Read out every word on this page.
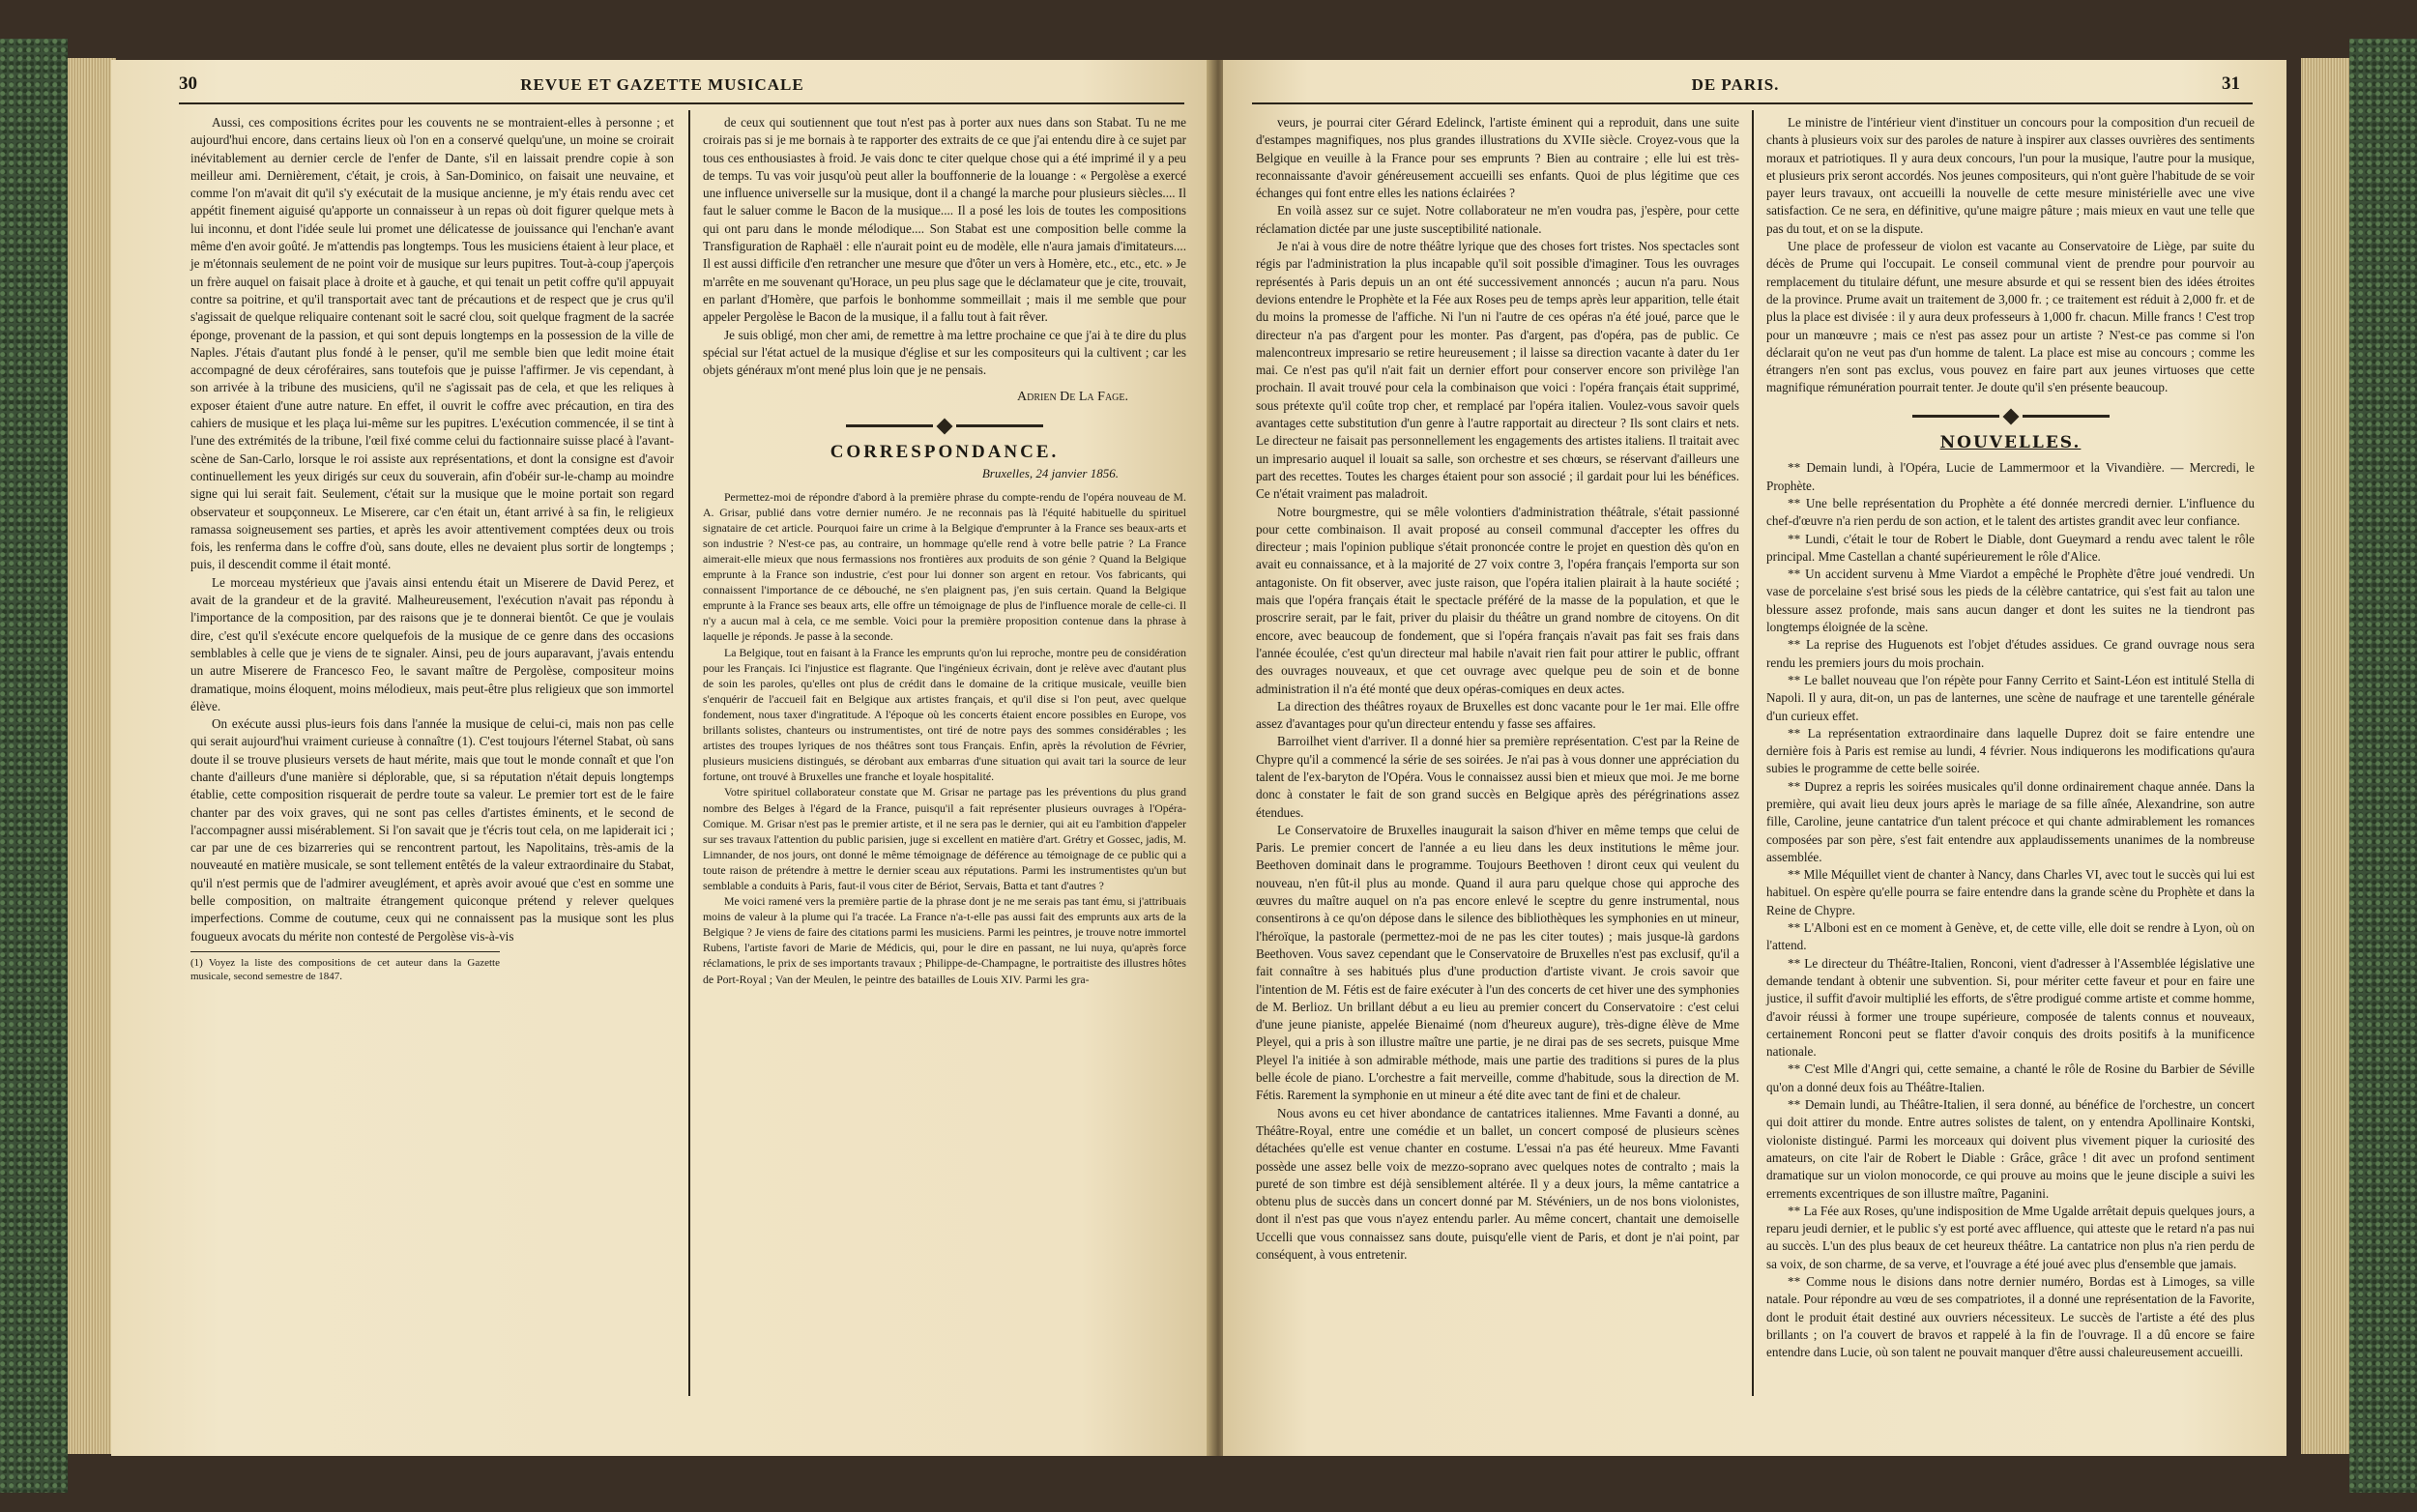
30	REVUE ET GAZETTE MUSICALE

Aussi, ces compositions écrites pour les couvents ne se montraient-elles à personne ; et aujourd'hui encore, dans certains lieux où l'on en a conservé quelqu'une, un moine se croirait inévitablement au dernier cercle de l'enfer de Dante, s'il en laissait prendre copie à son meilleur ami. Dernièrement, c'était, je crois, à San-Dominico, on faisait une neuvaine, et comme l'on m'avait dit qu'il s'y exécutait de la musique ancienne, je m'y étais rendu avec cet appétit finement aiguisé qu'apporte un connaisseur à un repas où doit figurer quelque mets à lui inconnu, et dont l'idée seule lui promet une délicatesse de jouissance qui l'enchan'e avant même d'en avoir goûté. Je m'attendis pas longtemps. Tous les musiciens étaient à leur place, et je m'étonnais seulement de ne point voir de musique sur leurs pupitres. Tout-à-coup j'aperçois un frère auquel on faisait place à droite et à gauche, et qui tenait un petit coffre qu'il appuyait contre sa poitrine, et qu'il transportait avec tant de précautions et de respect que je crus qu'il s'agissait de quelque reliquaire contenant soit le sacré clou, soit quelque fragment de la sacrée éponge, provenant de la passion, et qui sont depuis longtemps en la possession de la ville de Naples. J'étais d'autant plus fondé à le penser, qu'il me semble bien que ledit moine était accompagné de deux céroféraires, sans toutefois que je puisse l'affirmer. Je vis cependant, à son arrivée à la tribune des musiciens, qu'il ne s'agissait pas de cela, et que les reliques à exposer étaient d'une autre nature. En effet, il ouvrit le coffre avec précaution, en tira des cahiers de musique et les plaça lui-même sur les pupitres. L'exécution commencée, il se tint à l'une des extrémités de la tribune, l'œil fixé comme celui du factionnaire suisse placé à l'avant-scène de San-Carlo, lorsque le roi assiste aux représentations, et dont la consigne est d'avoir continuellement les yeux dirigés sur ceux du souverain, afin d'obéir sur-le-champ au moindre signe qui lui serait fait. Seulement, c'était sur la musique que le moine portait son regard observateur et soupçonneux. Le Miserere, car c'en était un, étant arrivé à sa fin, le religieux ramassa soigneusement ses parties, et après les avoir attentivement comptées deux ou trois fois, les renferma dans le coffre d'où, sans doute, elles ne devaient plus sortir de longtemps ; puis, il descendit comme il était monté.

Le morceau mystérieux que j'avais ainsi entendu était un Miserere de David Perez, et avait de la grandeur et de la gravité. Malheureusement, l'exécution n'avait pas répondu à l'importance de la composition, par des raisons que je te donnerai bientôt. Ce que je voulais dire, c'est qu'il s'exécute encore quelquefois de la musique de ce genre dans des occasions semblables à celle que je viens de te signaler. Ainsi, peu de jours auparavant, j'avais entendu un autre Miserere de Francesco Feo, le savant maître de Pergolèse, compositeur moins dramatique, moins éloquent, moins mélodieux, mais peut-être plus religieux que son immortel élève.

On exécute aussi plus-ieurs fois dans l'année la musique de celui-ci, mais non pas celle qui serait aujourd'hui vraiment curieuse à connaître (1). C'est toujours l'éternel Stabat, où sans doute il se trouve plusieurs versets de haut mérite, mais que tout le monde connaît et que l'on chante d'ailleurs d'une manière si déplorable, que, si sa réputation n'était depuis longtemps établie, cette composition risquerait de perdre toute sa valeur. Le premier tort est de le faire chanter par des voix graves, qui ne sont pas celles d'artistes éminents, et le second de l'accompagner aussi misérablement. Si l'on savait que je t'écris tout cela, on me lapiderait ici ; car par une de ces bizarreries qui se rencontrent partout, les Napolitains, très-amis de la nouveauté en matière musicale, se sont tellement entêtés de la valeur extraordinaire du Stabat, qu'il n'est permis que de l'admirer aveuglément, et après avoir avoué que c'est en somme une belle composition, on maltraite étrangement quiconque prétend y relever quelques imperfections. Comme de coutume, ceux qui ne connaissent pas la musique sont les plus fougueux avocats du mérite non contesté de Pergolèse vis-à-vis

(1) Voyez la liste des compositions de cet auteur dans la Gazette musicale, second semestre de 1847.

de ceux qui soutiennent que tout n'est pas à porter aux nues dans son Stabat. Tu ne me croirais pas si je me bornais à te rapporter des extraits de ce que j'ai entendu dire à ce sujet par tous ces enthousiastes à froid. Je vais donc te citer quelque chose qui a été imprimé il y a peu de temps. Tu vas voir jusqu'où peut aller la bouffonnerie de la louange : « Pergolèse a exercé une influence universelle sur la musique, dont il a changé la marche pour plusieurs siècles.... Il faut le saluer comme le Bacon de la musique.... Il a posé les lois de toutes les compositions qui ont paru dans le monde mélodique.... Son Stabat est une composition belle comme la Transfiguration de Raphaël : elle n'aurait point eu de modèle, elle n'aura jamais d'imitateurs.... Il est aussi difficile d'en retrancher une mesure que d'ôter un vers à Homère, etc., etc., etc. » Je m'arrête en me souvenant qu'Horace, un peu plus sage que le déclamateur que je cite, trouvait, en parlant d'Homère, que parfois le bonhomme sommeillait ; mais il me semble que pour appeler Pergolèse le Bacon de la musique, il a fallu tout à fait rêver.

Je suis obligé, mon cher ami, de remettre à ma lettre prochaine ce que j'ai à te dire du plus spécial sur l'état actuel de la musique d'église et sur les compositeurs qui la cultivent ; car les objets généraux m'ont mené plus loin que je ne pensais.

Adrien De La Fage.
CORRESPONDANCE.
Bruxelles, 24 janvier 1856.

Permettez-moi de répondre d'abord à la première phrase du compte-rendu de l'opéra nouveau de M. A. Grisar, publié dans votre dernier numéro. Je ne reconnais pas là l'équité habituelle du spirituel signataire de cet article. Pourquoi faire un crime à la Belgique d'emprunter à la France ses beaux-arts et son industrie ? N'est-ce pas, au contraire, un hommage qu'elle rend à votre belle patrie ? La France aimerait-elle mieux que nous fermassions nos frontières aux produits de son génie ? Quand la Belgique emprunte à la France son industrie, c'est pour lui donner son argent en retour. Vos fabricants, qui connaissent l'importance de ce débouché, ne s'en plaignent pas, j'en suis certain. Quand la Belgique emprunte à la France ses beaux arts, elle offre un témoignage de plus de l'influence morale de celle-ci. Il n'y a aucun mal à cela, ce me semble. Voici pour la première proposition contenue dans la phrase à laquelle je réponds. Je passe à la seconde.

La Belgique, tout en faisant à la France les emprunts qu'on lui reproche, montre peu de considération pour les Français. Ici l'injustice est flagrante. Que l'ingénieux écrivain, dont je relève avec d'autant plus de soin les paroles, qu'elles ont plus de crédit dans le domaine de la critique musicale, veuille bien s'enquérir de l'accueil fait en Belgique aux artistes français, et qu'il dise si l'on peut, avec quelque fondement, nous taxer d'ingratitude. A l'époque où les concerts étaient encore possibles en Europe, vos brillants solistes, chanteurs ou instrumentistes, ont tiré de notre pays des sommes considérables ; les artistes des troupes lyriques de nos théâtres sont tous Français. Enfin, après la révolution de Février, plusieurs musiciens distingués, se dérobant aux embarras d'une situation qui avait tari la source de leur fortune, ont trouvé à Bruxelles une franche et loyale hospitalité.

Votre spirituel collaborateur constate que M. Grisar ne partage pas les préventions du plus grand nombre des Belges à l'égard de la France, puisqu'il a fait représenter plusieurs ouvrages à l'Opéra-Comique. M. Grisar n'est pas le premier artiste, et il ne sera pas le dernier, qui ait eu l'ambition d'appeler sur ses travaux l'attention du public parisien, juge si excellent en matière d'art. Grétry et Gossec, jadis, M. Limnander, de nos jours, ont donné le même témoignage de déférence au témoignage de ce public qui a toute raison de prétendre à mettre le dernier sceau aux réputations. Parmi les instrumentistes qu'un but semblable a conduits à Paris, faut-il vous citer de Bériot, Servais, Batta et tant d'autres ?

Me voici ramené vers la première partie de la phrase dont je ne me serais pas tant ému, si j'attribuais moins de valeur à la plume qui l'a tracée. La France n'a-t-elle pas aussi fait des emprunts aux arts de la Belgique ? Je viens de faire des citations parmi les musiciens. Parmi les peintres, je trouve notre immortel Rubens, l'artiste favori de Marie de Médicis, qui, pour le dire en passant, ne lui nuya, qu'après force réclamations, le prix de ses importants travaux ; Philippe-de-Champagne, le portraitiste des illustres hôtes de Port-Royal ; Van der Meulen, le peintre des batailles de Louis XIV. Parmi les gra-

DE PARIS.	31

veurs, je pourrai citer Gérard Edelinck, l'artiste éminent qui a reproduit, dans une suite d'estampes magnifiques, nos plus grandes illustrations du XVIIe siècle. Croyez-vous que la Belgique en veuille à la France pour ses emprunts ? Bien au contraire ; elle lui est très-reconnaissante d'avoir généreusement accueilli ses enfants. Quoi de plus légitime que ces échanges qui font entre elles les nations éclairées ?

En voilà assez sur ce sujet. Notre collaborateur ne m'en voudra pas, j'espère, pour cette réclamation dictée par une juste susceptibilité nationale.

Je n'ai à vous dire de notre théâtre lyrique que des choses fort tristes. Nos spectacles sont régis par l'administration la plus incapable qu'il soit possible d'imaginer. Tous les ouvrages représentés à Paris depuis un an ont été successivement annoncés ; aucun n'a paru. Nous devions entendre le Prophète et la Fée aux Roses peu de temps après leur apparition, telle était du moins la promesse de l'affiche. Ni l'un ni l'autre de ces opéras n'a été joué, parce que le directeur n'a pas d'argent pour les monter. Pas d'argent, pas d'opéra, pas de public. Ce malencontreux impresario se retire heureusement ; il laisse sa direction vacante à dater du 1er mai. Ce n'est pas qu'il n'ait fait un dernier effort pour conserver encore son privilège l'an prochain. Il avait trouvé pour cela la combinaison que voici : l'opéra français était supprimé, sous prétexte qu'il coûte trop cher, et remplacé par l'opéra italien. Voulez-vous savoir quels avantages cette substitution d'un genre à l'autre rapportait au directeur ? Ils sont clairs et nets. Le directeur ne faisait pas personnellement les engagements des artistes italiens. Il traitait avec un impresario auquel il louait sa salle, son orchestre et ses chœurs, se réservant d'ailleurs une part des recettes. Toutes les charges étaient pour son associé ; il gardait pour lui les bénéfices. Ce n'était vraiment pas maladroit.

Notre bourgmestre, qui se mêle volontiers d'administration théâtrale, s'était passionné pour cette combinaison. Il avait proposé au conseil communal d'accepter les offres du directeur ; mais l'opinion publique s'était prononcée contre le projet en question dès qu'on en avait eu connaissance, et à la majorité de 27 voix contre 3, l'opéra français l'emporta sur son antagoniste. On fit observer, avec juste raison, que l'opéra italien plairait à la haute société ; mais que l'opéra français était le spectacle préféré de la masse de la population, et que le proscrire serait, par le fait, priver du plaisir du théâtre un grand nombre de citoyens. On dit encore, avec beaucoup de fondement, que si l'opéra français n'avait pas fait ses frais dans l'année écoulée, c'est qu'un directeur mal habile n'avait rien fait pour attirer le public, offrant des ouvrages nouveaux, et que cet ouvrage avec quelque peu de soin et de bonne administration il n'a été monté que deux opéras-comiques en deux actes.

La direction des théâtres royaux de Bruxelles est donc vacante pour le 1er mai. Elle offre assez d'avantages pour qu'un directeur entendu y fasse ses affaires.

Barroilhet vient d'arriver. Il a donné hier sa première représentation. C'est par la Reine de Chypre qu'il a commencé la série de ses soirées. Je n'ai pas à vous donner une appréciation du talent de l'ex-baryton de l'Opéra. Vous le connaissez aussi bien et mieux que moi. Je me borne donc à constater le fait de son grand succès en Belgique après des pérégrinations assez étendues.

Le Conservatoire de Bruxelles inaugurait la saison d'hiver en même temps que celui de Paris. Le premier concert de l'année a eu lieu dans les deux institutions le même jour. Beethoven dominait dans le programme. Toujours Beethoven ! diront ceux qui veulent du nouveau, n'en fût-il plus au monde. Quand il aura paru quelque chose qui approche des œuvres du maître auquel on n'a pas encore enlevé le sceptre du genre instrumental, nous consentirons à ce qu'on dépose dans le silence des bibliothèques les symphonies en ut mineur, l'héroïque, la pastorale (permettez-moi de ne pas les citer toutes) ; mais jusque-là gardons Beethoven. Vous savez cependant que le Conservatoire de Bruxelles n'est pas exclusif, qu'il a fait connaître à ses habitués plus d'une production d'artiste vivant. Je crois savoir que l'intention de M. Fétis est de faire exécuter à l'un des concerts de cet hiver une des symphonies de M. Berlioz. Un brillant début a eu lieu au premier concert du Conservatoire : c'est celui d'une jeune pianiste, appelée Bienaimé (nom d'heureux augure), très-digne élève de Mme Pleyel, qui a pris à son illustre maître une partie, je ne dirai pas de ses secrets, puisque Mme Pleyel l'a initiée à son admirable méthode, mais une partie des traditions si pures de la plus belle école de piano. L'orchestre a fait merveille, comme d'habitude, sous la direction de M. Fétis. Rarement la symphonie en ut mineur a été dite avec tant de fini et de chaleur.

Nous avons eu cet hiver abondance de cantatrices italiennes. Mme Favanti a donné, au Théâtre-Royal, entre une comédie et un ballet, un concert composé de plusieurs scènes détachées qu'elle est venue chanter en costume. L'essai n'a pas été heureux. Mme Favanti possède une assez belle voix de mezzo-soprano avec quelques notes de contralto ; mais la pureté de son timbre est déjà sensiblement altérée. Il y a deux jours, la même cantatrice a obtenu plus de succès dans un concert donné par M. Stévéniers, un de nos bons violonistes, dont il n'est pas que vous n'ayez entendu parler. Au même concert, chantait une demoiselle Uccelli que vous connaissez sans doute, puisqu'elle vient de Paris, et dont je n'ai point, par conséquent, à vous entretenir.

Le ministre de l'intérieur vient d'instituer un concours pour la composition d'un recueil de chants à plusieurs voix sur des paroles de nature à inspirer aux classes ouvrières des sentiments moraux et patriotiques. Il y aura deux concours, l'un pour la musique, l'autre pour la musique, et plusieurs prix seront accordés. Nos jeunes compositeurs, qui n'ont guère l'habitude de se voir payer leurs travaux, ont accueilli la nouvelle de cette mesure ministérielle avec une vive satisfaction. Ce ne sera, en définitive, qu'une maigre pâture ; mais mieux en vaut une telle que pas du tout, et on se la dispute.

Une place de professeur de violon est vacante au Conservatoire de Liège, par suite du décès de Prume qui l'occupait. Le conseil communal vient de prendre pour pourvoir au remplacement du titulaire défunt, une mesure absurde et qui se ressent bien des idées étroites de la province. Prume avait un traitement de 3,000 fr. ; ce traitement est réduit à 2,000 fr. et de plus la place est divisée : il y aura deux professeurs à 1,000 fr. chacun. Mille francs ! C'est trop pour un manœuvre ; mais ce n'est pas assez pour un artiste ? N'est-ce pas comme si l'on déclarait qu'on ne veut pas d'un homme de talent. La place est mise au concours ; comme les étrangers n'en sont pas exclus, vous pouvez en faire part aux jeunes virtuoses que cette magnifique rémunération pourrait tenter. Je doute qu'il s'en présente beaucoup.

NOUVELLES.

** Demain lundi, à l'Opéra, Lucie de Lammermoor et la Vivandière. — Mercredi, le Prophète.

** Une belle représentation du Prophète a été donnée mercredi dernier. L'influence du chef-d'œuvre n'a rien perdu de son action, et le talent des artistes grandit avec leur confiance.

** Lundi, c'était le tour de Robert le Diable, dont Gueymard a rendu avec talent le rôle principal. Mme Castellan a chanté supérieurement le rôle d'Alice.

** Un accident survenu à Mme Viardot a empêché le Prophète d'être joué vendredi. Un vase de porcelaine s'est brisé sous les pieds de la célèbre cantatrice, qui s'est fait au talon une blessure assez profonde, mais sans aucun danger et dont les suites ne la tiendront pas longtemps éloignée de la scène.

** La reprise des Huguenots est l'objet d'études assidues. Ce grand ouvrage nous sera rendu les premiers jours du mois prochain.

** Le ballet nouveau que l'on répète pour Fanny Cerrito et Saint-Léon est intitulé Stella di Napoli. Il y aura, dit-on, un pas de lanternes, une scène de naufrage et une tarentelle générale d'un curieux effet.

** La représentation extraordinaire dans laquelle Duprez doit se faire entendre une dernière fois à Paris est remise au lundi, 4 février. Nous indiquerons les modifications qu'aura subies le programme de cette belle soirée.

** Duprez a repris les soirées musicales qu'il donne ordinairement chaque année. Dans la première, qui avait lieu deux jours après le mariage de sa fille aînée, Alexandrine, son autre fille, Caroline, jeune cantatrice d'un talent précoce et qui chante admirablement les romances composées par son père, s'est fait entendre aux applaudissements unanimes de la nombreuse assemblée.

** Mlle Méquillet vient de chanter à Nancy, dans Charles VI, avec tout le succès qui lui est habituel. On espère qu'elle pourra se faire entendre dans la grande scène du Prophète et dans la Reine de Chypre.

** L'Alboni est en ce moment à Genève, et, de cette ville, elle doit se rendre à Lyon, où on l'attend.

** Le directeur du Théâtre-Italien, Ronconi, vient d'adresser à l'Assemblée législative une demande tendant à obtenir une subvention. Si, pour mériter cette faveur et pour en faire une justice, il suffit d'avoir multiplié les efforts, de s'être prodigué comme artiste et comme homme, d'avoir réussi à former une troupe supérieure, composée de talents connus et nouveaux, certainement Ronconi peut se flatter d'avoir conquis des droits positifs à la munificence nationale.

** C'est Mlle d'Angri qui, cette semaine, a chanté le rôle de Rosine du Barbier de Séville qu'on a donné deux fois au Théâtre-Italien.

** Demain lundi, au Théâtre-Italien, il sera donné, au bénéfice de l'orchestre, un concert qui doit attirer du monde. Entre autres solistes de talent, on y entendra Apollinaire Kontski, violoniste distingué. Parmi les morceaux qui doivent plus vivement piquer la curiosité des amateurs, on cite l'air de Robert le Diable : Grâce, grâce ! dit avec un profond sentiment dramatique sur un violon monocorde, ce qui prouve au moins que le jeune disciple a suivi les errements excentriques de son illustre maître, Paganini.

** La Fée aux Roses, qu'une indisposition de Mme Ugalde arrêtait depuis quelques jours, a reparu jeudi dernier, et le public s'y est porté avec affluence, qui atteste que le retard n'a pas nui au succès. L'un des plus beaux de cet heureux théâtre. La cantatrice non plus n'a rien perdu de sa voix, de son charme, de sa verve, et l'ouvrage a été joué avec plus d'ensemble que jamais.

** Comme nous le disions dans notre dernier numéro, Bordas est à Limoges, sa ville natale. Pour répondre au vœu de ses compatriotes, il a donné une représentation de la Favorite, dont le produit était destiné aux ouvriers nécessiteux. Le succès de l'artiste a été des plus brillants ; on l'a couvert de bravos et rappelé à la fin de l'ouvrage. Il a dû encore se faire entendre dans Lucie, où son talent ne pouvait manquer d'être aussi chaleureusement accueilli.
